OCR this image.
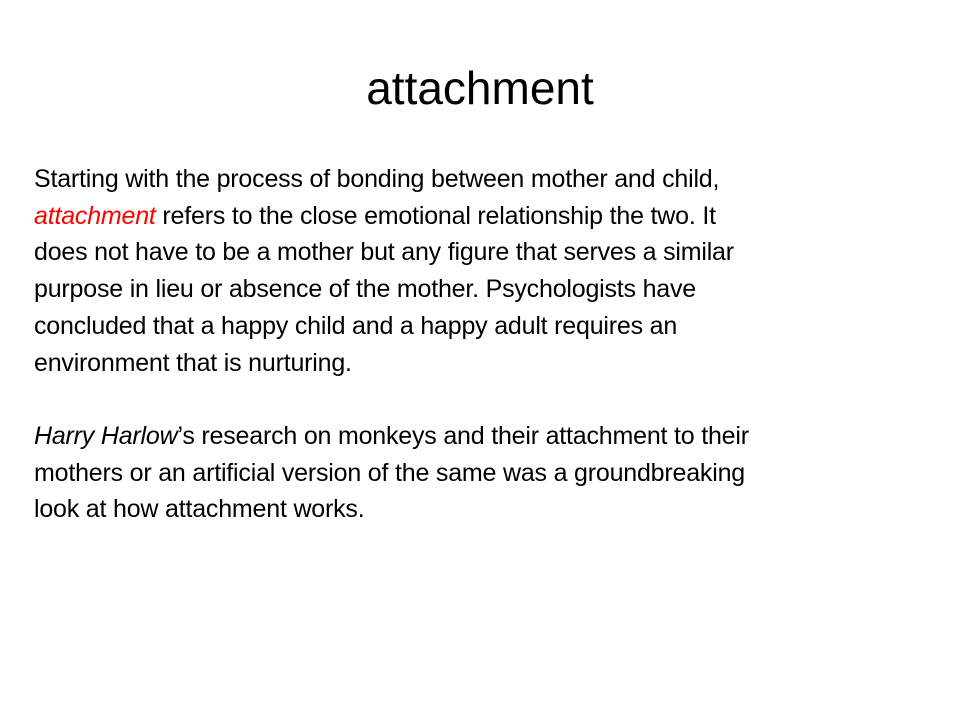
attachment
Starting with the process of bonding between mother and child,
attachment refers to the close emotional relationship the two. It
does not have to be a mother but any figure that serves a similar
purpose in lieu or absence of the mother. Psychologists have
concluded that a happy child and a happy adult requires an
environment that is nurturing.
Harry Harlow’s research on monkeys and their attachment to their
mothers or an artificial version of the same was a groundbreaking
look at how attachment works.
